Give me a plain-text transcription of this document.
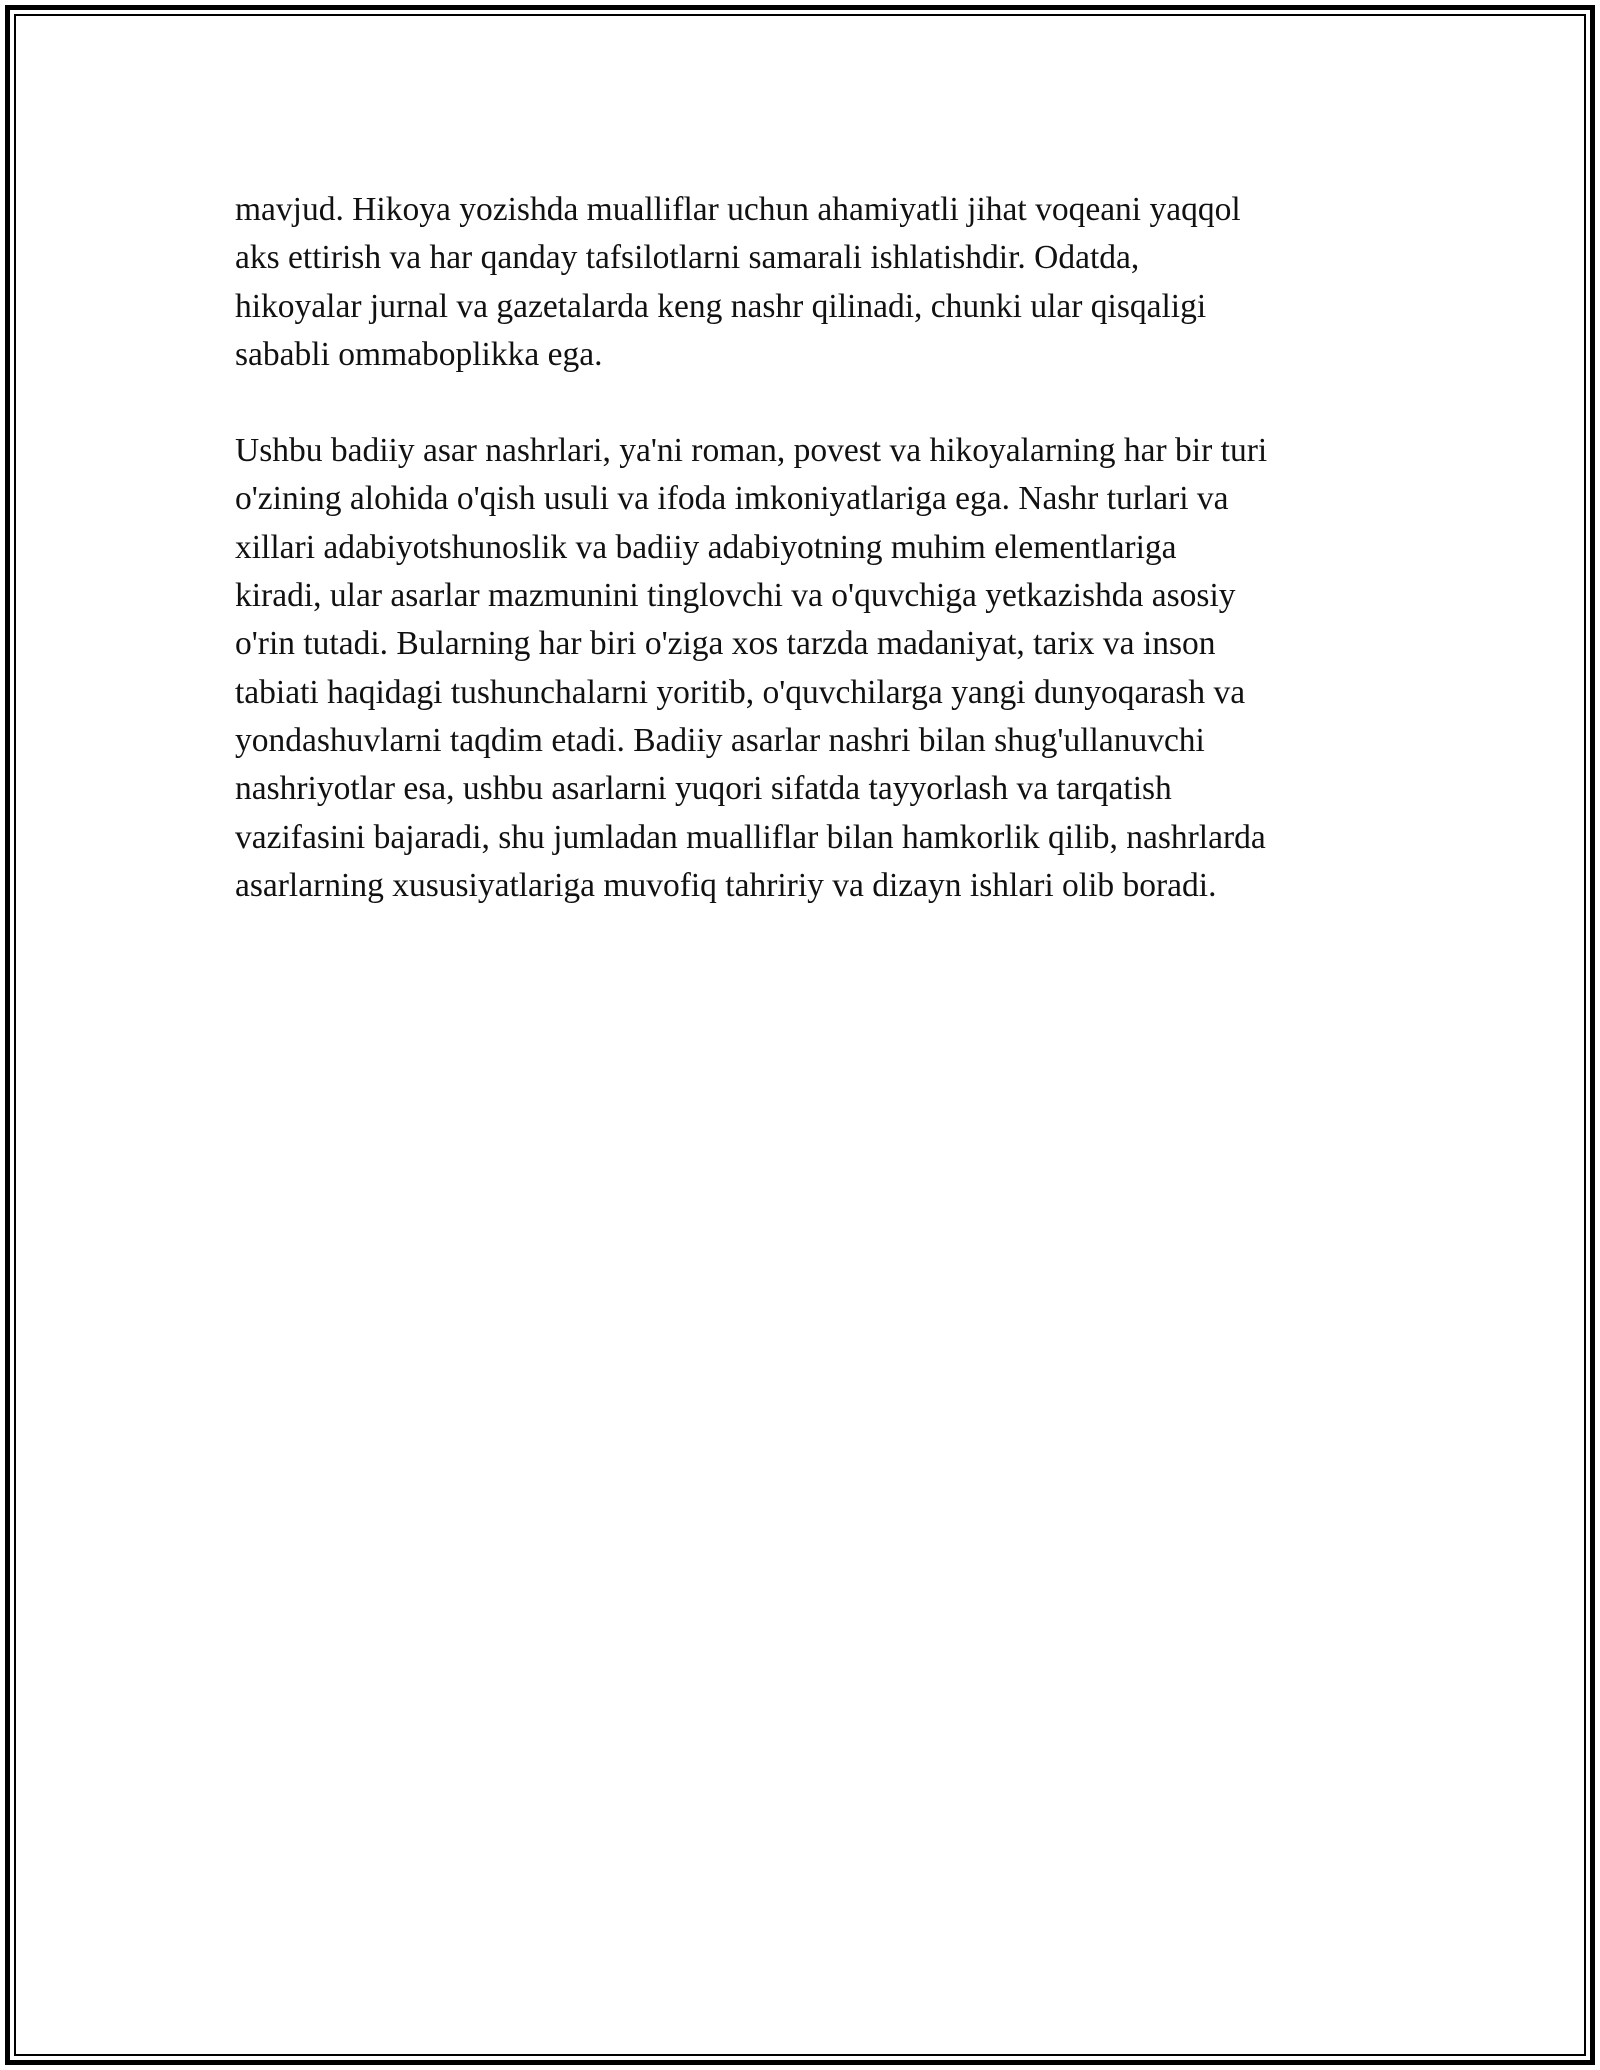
mavjud. Hikoya yozishda mualliflar uchun ahamiyatli jihat voqeani yaqqol
aks ettirish va har qanday tafsilotlarni samarali ishlatishdir. Odatda,
hikoyalar jurnal va gazetalarda keng nashr qilinadi, chunki ular qisqaligi
sababli ommaboplikka ega.

Ushbu badiiy asar nashrlari, ya'ni roman, povest va hikoyalarning har bir turi
o'zining alohida o'qish usuli va ifoda imkoniyatlariga ega. Nashr turlari va
xillari adabiyotshunoslik va badiiy adabiyotning muhim elementlariga
kiradi, ular asarlar mazmunini tinglovchi va o'quvchiga yetkazishda asosiy
o'rin tutadi. Bularning har biri o'ziga xos tarzda madaniyat, tarix va inson
tabiati haqidagi tushunchalarni yoritib, o'quvchilarga yangi dunyoqarash va
yondashuvlarni taqdim etadi. Badiiy asarlar nashri bilan shug'ullanuvchi
nashriyotlar esa, ushbu asarlarni yuqori sifatda tayyorlash va tarqatish
vazifasini bajaradi, shu jumladan mualliflar bilan hamkorlik qilib, nashrlarda
asarlarning xususiyatlariga muvofiq tahririy va dizayn ishlari olib boradi.
